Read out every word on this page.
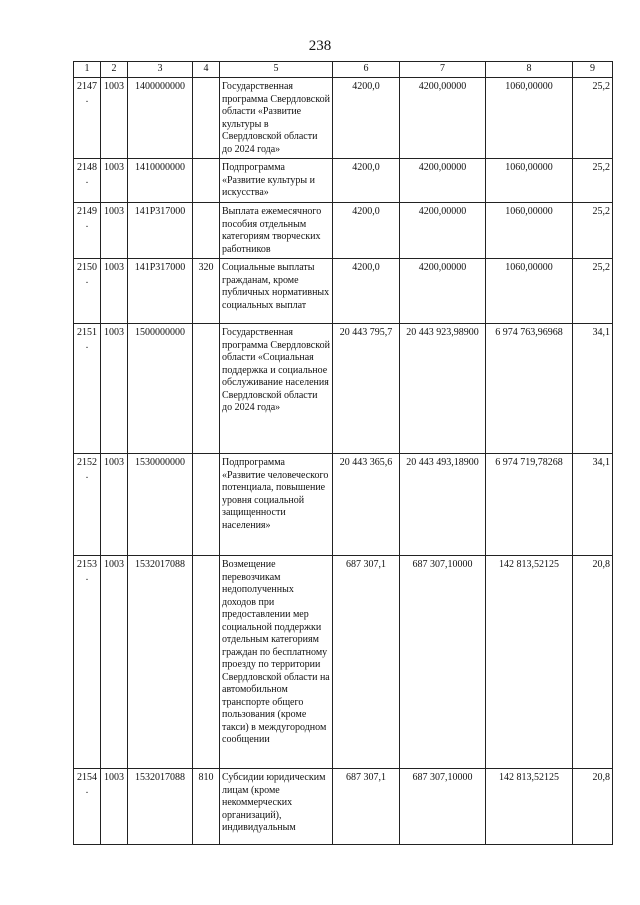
238
1	2	3	4	5	6	7	8	9
2147.	1003	1400000000		Государственная программа Свердловской области «Развитие культуры в Свердловской области до 2024 года»	4200,0	4200,00000	1060,00000	25,2
2148.	1003	1410000000		Подпрограмма «Развитие культуры и искусства»	4200,0	4200,00000	1060,00000	25,2
2149.	1003	141Р317000		Выплата ежемесячного пособия отдельным категориям творческих работников	4200,0	4200,00000	1060,00000	25,2
2150.	1003	141Р317000	320	Социальные выплаты гражданам, кроме публичных нормативных социальных выплат	4200,0	4200,00000	1060,00000	25,2
2151.	1003	1500000000		Государственная программа Свердловской области «Социальная поддержка и социальное обслуживание населения Свердловской области до 2024 года»	20 443 795,7	20 443 923,98900	6 974 763,96968	34,1
2152.	1003	1530000000		Подпрограмма «Развитие человеческого потенциала, повышение уровня социальной защищенности населения»	20 443 365,6	20 443 493,18900	6 974 719,78268	34,1
2153.	1003	1532017088		Возмещение перевозчикам недополученных доходов при предоставлении мер социальной поддержки отдельным категориям граждан по бесплатному проезду по территории Свердловской области на автомобильном транспорте общего пользования (кроме такси) в междугородном сообщении	687 307,1	687 307,10000	142 813,52125	20,8
2154.	1003	1532017088	810	Субсидии юридическим лицам (кроме некоммерческих организаций), индивидуальным	687 307,1	687 307,10000	142 813,52125	20,8
